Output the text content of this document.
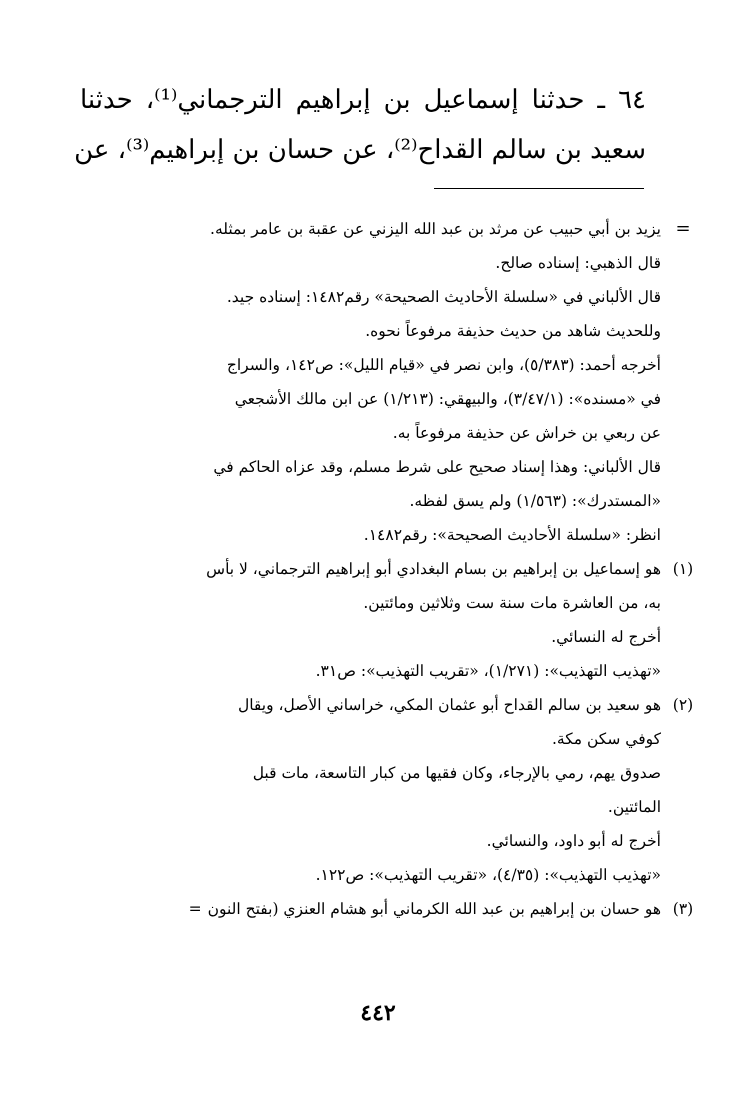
٦٤ ـ حدثنا إسماعيل بن إبراهيم الترجماني⁽¹⁾، حدثنا
سعيد بن سالم القداح⁽²⁾، عن حسان بن إبراهيم⁽³⁾، عن
=
يزيد بن أبي حبيب عن مرثد بن عبد الله اليزني عن عقبة بن عامر بمثله.
قال الذهبي: إسناده صالح.
قال الألباني في «سلسلة الأحاديث الصحيحة» رقم١٤٨٢: إسناده جيد.
وللحديث شاهد من حديث حذيفة مرفوعاً نحوه.
أخرجه أحمد: (٥/٣٨٣)، وابن نصر في «قيام الليل»: ص١٤٢، والسراج
في «مسنده»: (٣/٤٧/١)، والبيهقي: (١/٢١٣) عن ابن مالك الأشجعي
عن ربعي بن خراش عن حذيفة مرفوعاً به.
قال الألباني: وهذا إسناد صحيح على شرط مسلم، وقد عزاه الحاكم في
«المستدرك»: (١/٥٦٣) ولم يسق لفظه.
انظر: «سلسلة الأحاديث الصحيحة»: رقم١٤٨٢.
(١)
هو إسماعيل بن إبراهيم بن بسام البغدادي أبو إبراهيم الترجماني، لا بأس
به، من العاشرة مات سنة ست وثلاثين ومائتين.
أخرج له النسائي.
«تهذيب التهذيب»: (١/٢٧١)، «تقريب التهذيب»: ص٣١.
(٢)
هو سعيد بن سالم القداح أبو عثمان المكي، خراساني الأصل، ويقال
كوفي سكن مكة.
صدوق يهم، رمي بالإرجاء، وكان فقيها من كبار التاسعة، مات قبل
المائتين.
أخرج له أبو داود، والنسائي.
«تهذيب التهذيب»: (٤/٣٥)، «تقريب التهذيب»: ص١٢٢.
(٣)
هو حسان بن إبراهيم بن عبد الله الكرماني أبو هشام العنزي (بفتح النون=
٤٤٢
